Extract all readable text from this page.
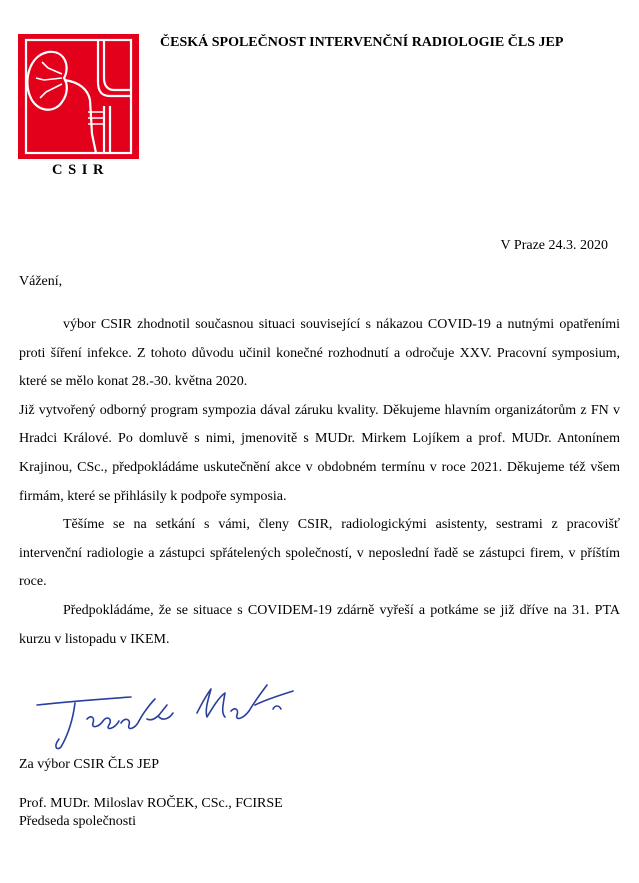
C S I R
ČESKÁ SPOLEČNOST INTERVENČNÍ RADIOLOGIE ČLS JEP
V Praze 24.3. 2020
Vážení,

výbor CSIR zhodnotil současnou situaci související s nákazou COVID-19 a nutnými opatřeními proti šíření infekce. Z tohoto důvodu učinil konečné rozhodnutí a odročuje XXV. Pracovní symposium, které se mělo konat 28.-30. května 2020.

Již vytvořený odborný program sympozia dával záruku kvality. Děkujeme hlavním organizátorům z FN v Hradci Králové. Po domluvě s nimi, jmenovitě s MUDr. Mirkem Lojíkem a prof. MUDr. Antonínem Krajinou, CSc., předpokládáme uskutečnění akce v obdobném termínu v roce 2021. Děkujeme též všem firmám, které se přihlásily k podpoře symposia.

Těšíme se na setkání s vámi, členy CSIR, radiologickými asistenty, sestrami z pracovišť intervenční radiologie a zástupci spřátelených společností, v neposlední řadě se zástupci firem, v příštím roce.

Předpokládáme, že se situace s COVIDEM-19 zdárně vyřeší a potkáme se již dříve na 31. PTA kurzu v listopadu v IKEM.

Za výbor CSIR ČLS JEP
Prof. MUDr. Miloslav ROČEK, CSc., FCIRSE
Předseda společnosti
